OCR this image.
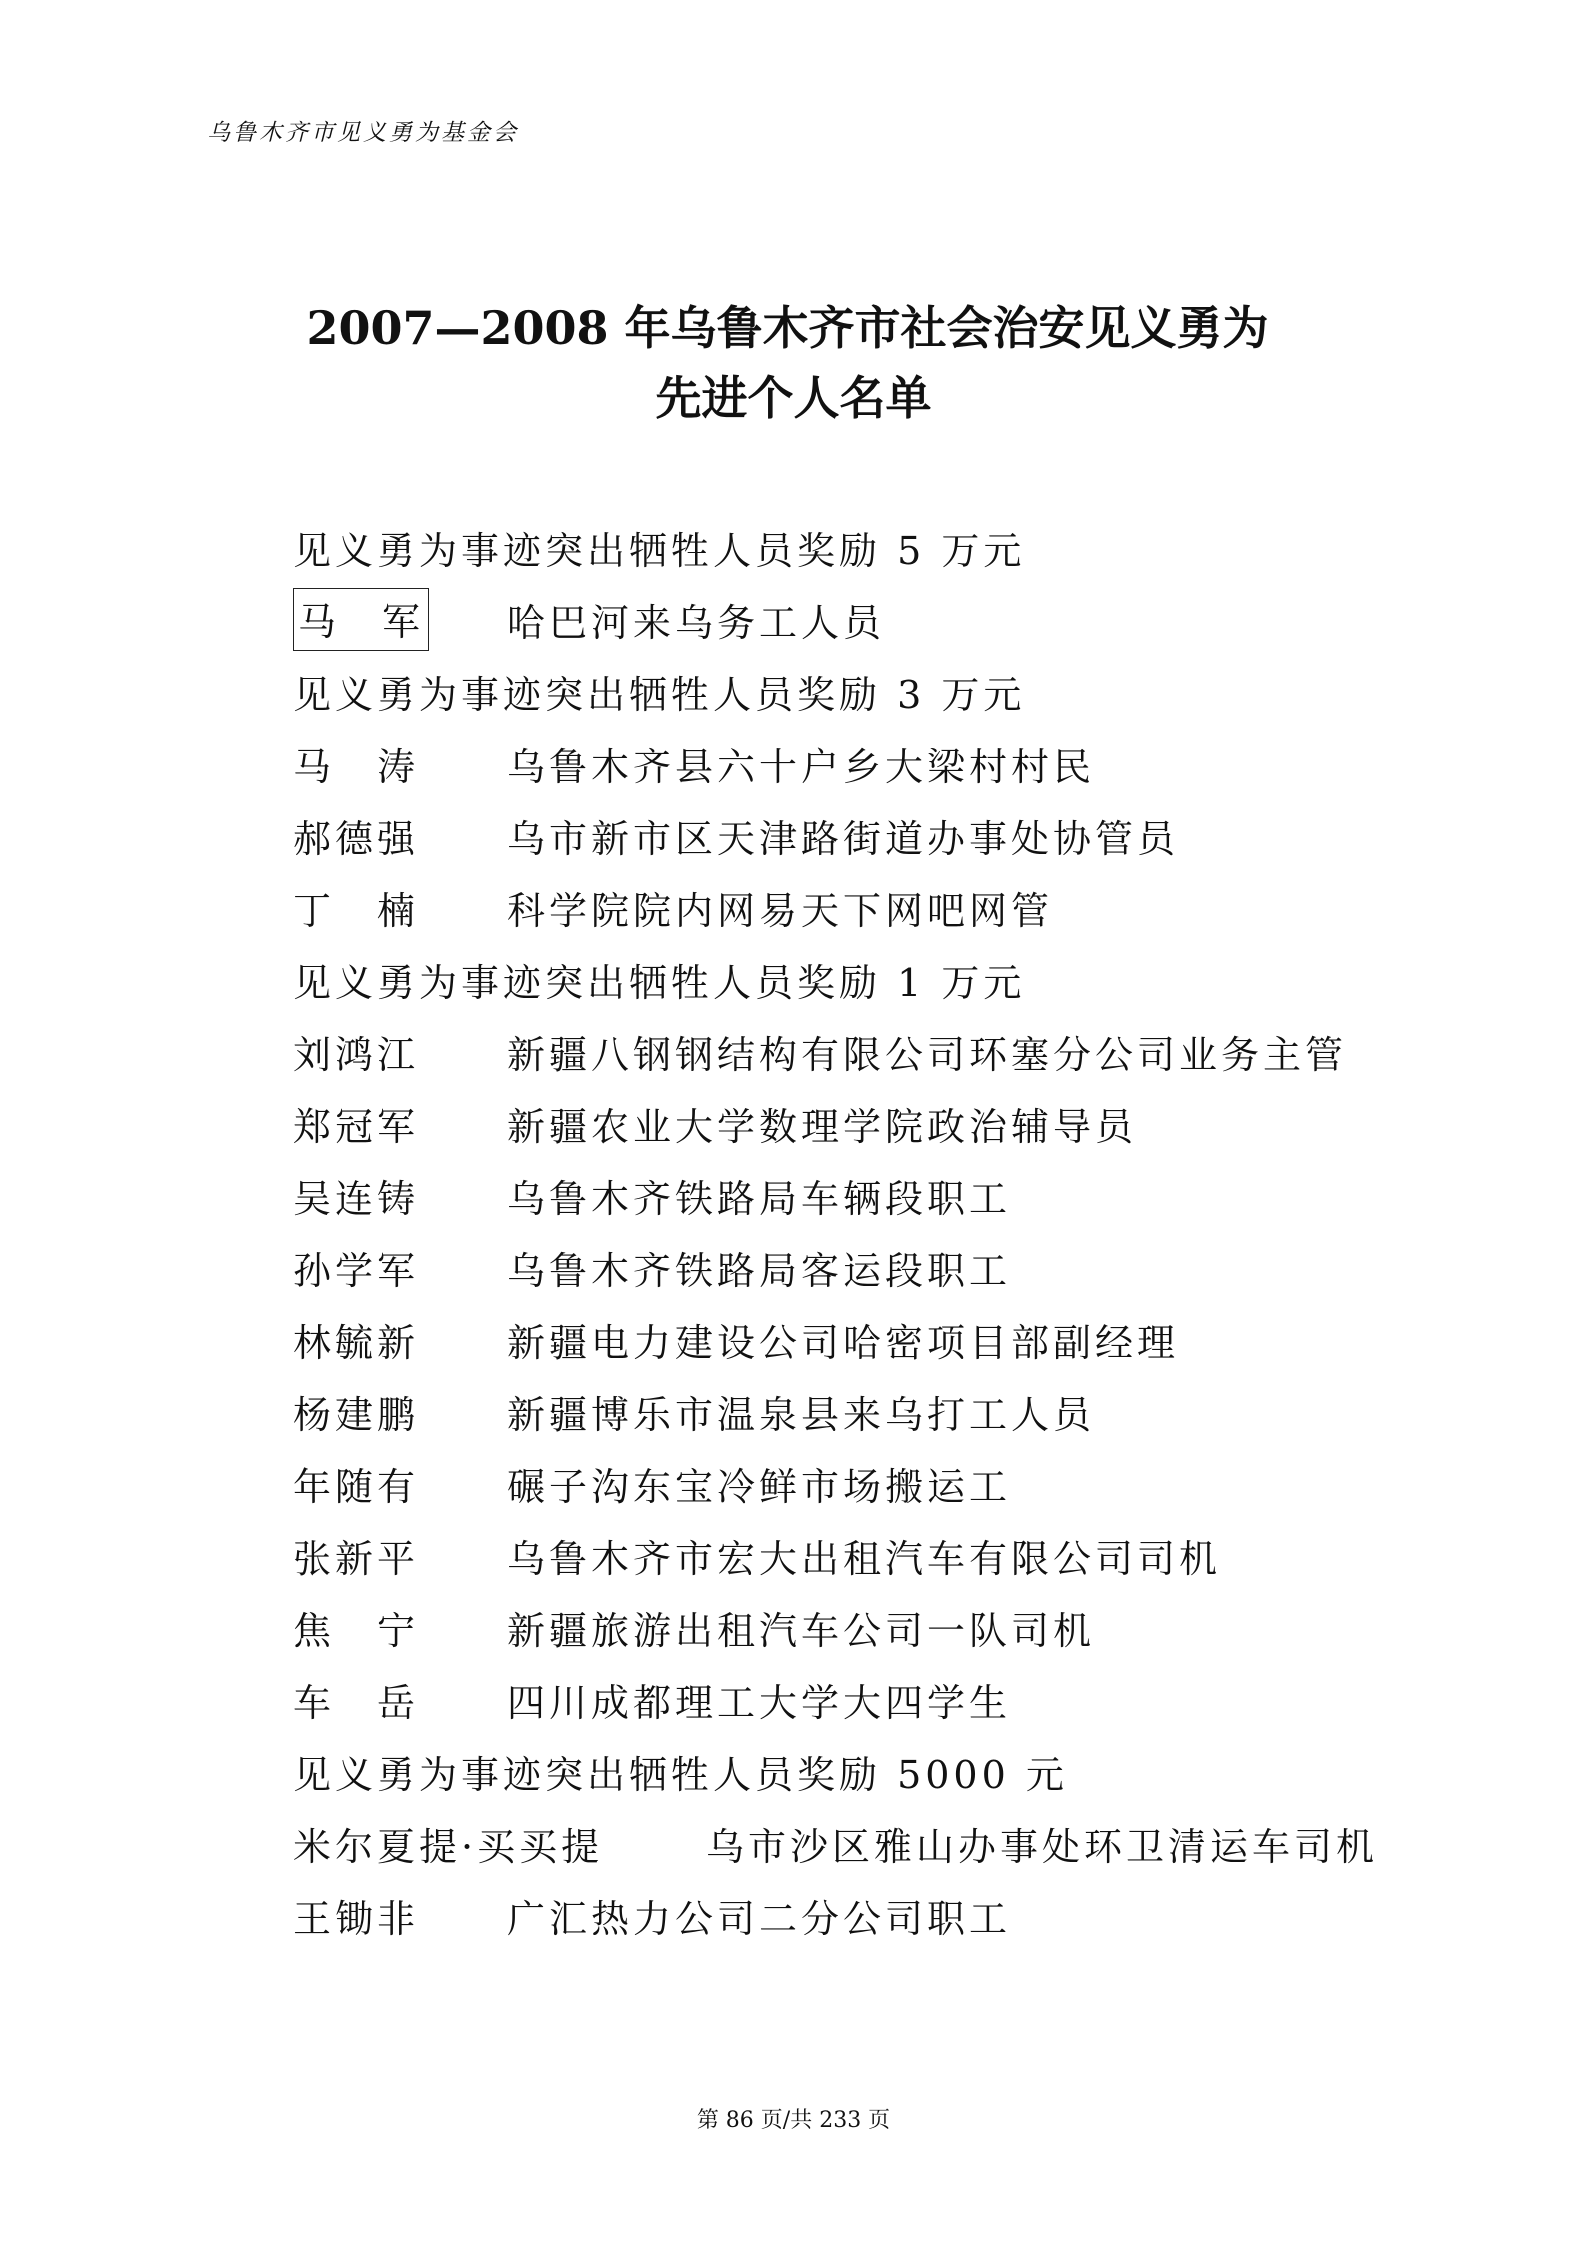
乌鲁木齐市见义勇为基金会
2007—2008 年乌鲁木齐市社会治安见义勇为
先进个人名单
见义勇为事迹突出牺牲人员奖励 5 万元
马　军	哈巴河来乌务工人员
见义勇为事迹突出牺牲人员奖励 3 万元
马　涛	乌鲁木齐县六十户乡大梁村村民
郝德强	乌市新市区天津路街道办事处协管员
丁　楠	科学院院内网易天下网吧网管
见义勇为事迹突出牺牲人员奖励 1 万元
刘鸿江	新疆八钢钢结构有限公司环塞分公司业务主管
郑冠军	新疆农业大学数理学院政治辅导员
吴连铸	乌鲁木齐铁路局车辆段职工
孙学军	乌鲁木齐铁路局客运段职工
林毓新	新疆电力建设公司哈密项目部副经理
杨建鹏	新疆博乐市温泉县来乌打工人员
年随有	碾子沟东宝冷鲜市场搬运工
张新平	乌鲁木齐市宏大出租汽车有限公司司机
焦　宁	新疆旅游出租汽车公司一队司机
车　岳	四川成都理工大学大四学生
见义勇为事迹突出牺牲人员奖励 5000 元
米尔夏提·买买提	乌市沙区雅山办事处环卫清运车司机
王锄非	广汇热力公司二分公司职工
第 86 页/共 233 页
